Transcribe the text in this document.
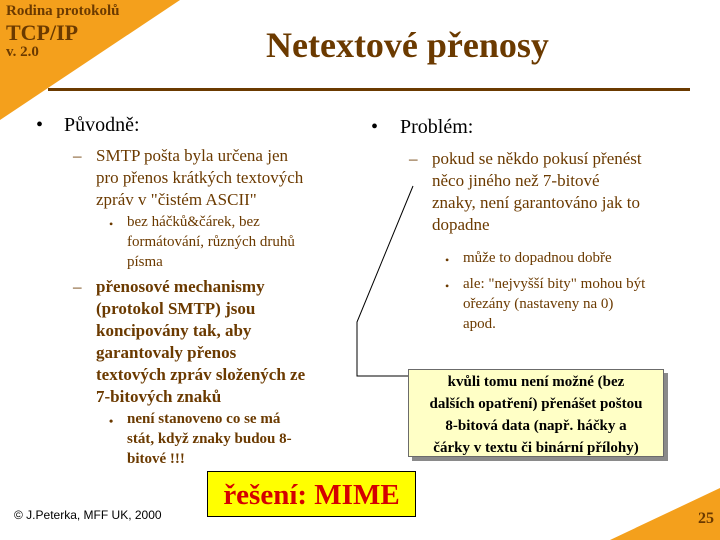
Rodina protokolů
TCP/IP
v. 2.0	Netextové přenosy
• Původně:
– SMTP pošta byla určena jen
pro přenos krátkých textových
zpráv v "čistém ASCII"
• bez háčků&čárek, bez
formátování, různých druhů
písma
– přenosové mechanismy
(protokol SMTP) jsou
koncipovány tak, aby
garantovaly přenos
textových zpráv složených ze
7-bitových znaků
• není stanoveno co se má
stát, když znaky budou 8-
bitové !!!
• Problém:
– pokud se někdo pokusí přenést
něco jiného než 7-bitové
znaky, není garantováno jak to
dopadne
• může to dopadnou dobře
• ale: "nejvyšší bity" mohou být
ořezány (nastaveny na 0)
apod.
kvůli tomu není možné (bez
dalších opatření) přenášet poštou
8-bitová data (např. háčky a
čárky v textu či binární přílohy)
řešení: MIME
© J.Peterka, MFF UK, 2000	25
